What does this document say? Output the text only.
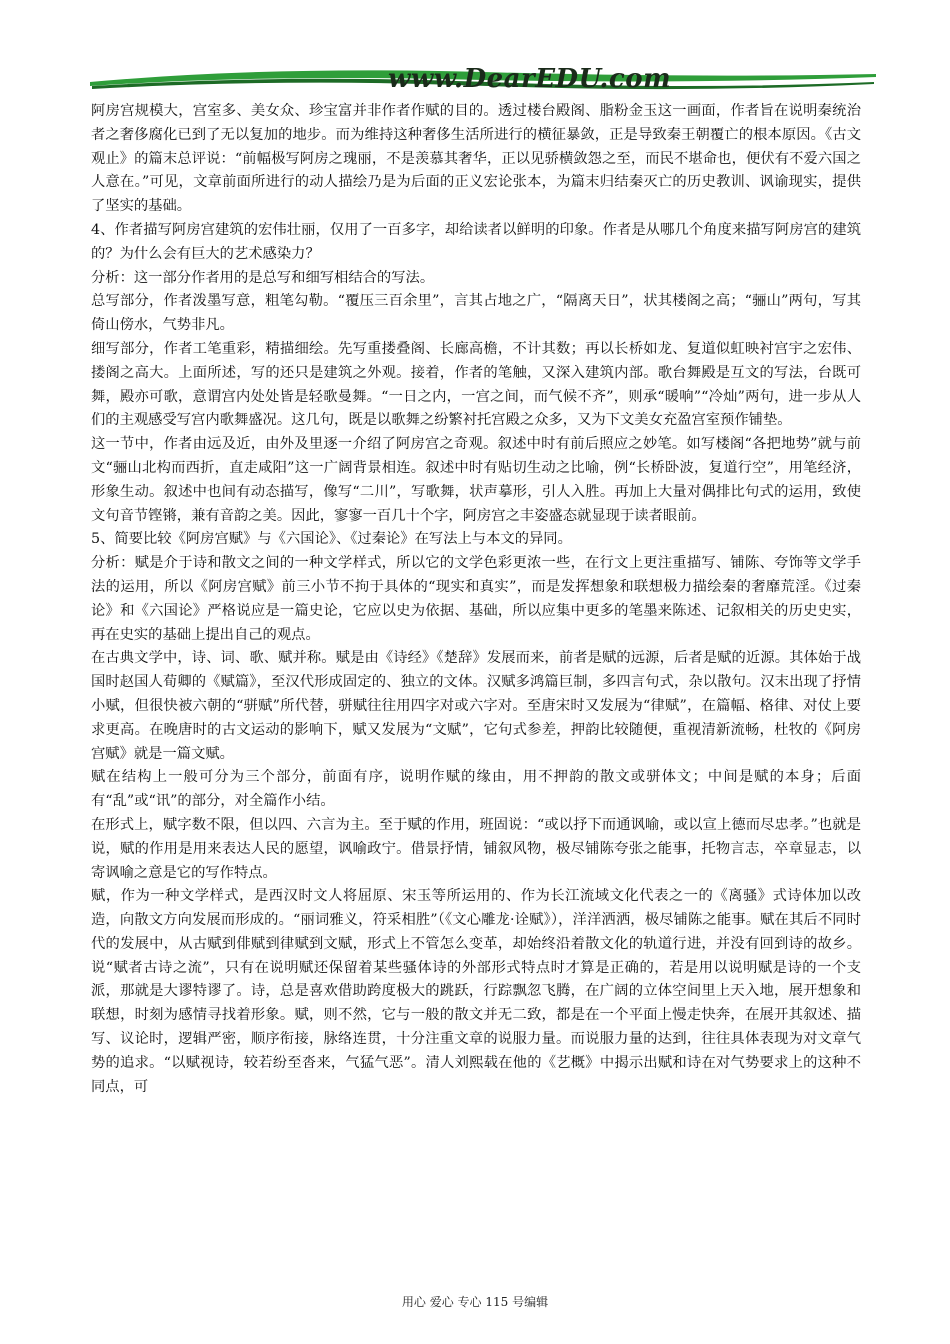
www.DearEDU.com

阿房宫规模大，宫室多、美女众、珍宝富并非作者作赋的目的。透过楼台殿阁、脂粉金玉这一画面，作者旨在说明秦统治者之奢侈腐化已到了无以复加的地步。而为维持这种奢侈生活所进行的横征暴敛，正是导致秦王朝覆亡的根本原因。《古文观止》的篇末总评说：“前幅极写阿房之瑰丽，不是羡慕其奢华，正以见骄横敛怨之至，而民不堪命也，便伏有不爱六国之人意在。”可见，文章前面所进行的动人描绘乃是为后面的正义宏论张本，为篇末归结秦灭亡的历史教训、讽谕现实，提供了坚实的基础。

4、作者描写阿房宫建筑的宏伟壮丽，仅用了一百多字，却给读者以鲜明的印象。作者是从哪几个角度来描写阿房宫的建筑的？为什么会有巨大的艺术感染力？

分析：这一部分作者用的是总写和细写相结合的写法。

总写部分，作者泼墨写意，粗笔勾勒。“覆压三百余里”，言其占地之广，“隔离天日”，状其楼阁之高；“骊山”两句，写其倚山傍水，气势非凡。

细写部分，作者工笔重彩，精描细绘。先写重搂叠阁、长廊高檐，不计其数；再以长桥如龙、复道似虹映衬宫宇之宏伟、搂阁之高大。上面所述，写的还只是建筑之外观。接着，作者的笔触，又深入建筑内部。歌台舞殿是互文的写法，台既可舞，殿亦可歌，意谓宫内处处皆是轻歌曼舞。“一日之内，一宫之间，而气候不齐”，则承“暖响”“冷灿”两句，进一步从人们的主观感受写宫内歌舞盛况。这几句，既是以歌舞之纷繁衬托宫殿之众多，又为下文美女充盈宫室预作铺垫。

这一节中，作者由远及近，由外及里逐一介绍了阿房宫之奇观。叙述中时有前后照应之妙笔。如写楼阁“各把地势”就与前文“骊山北构而西折，直走咸阳”这一广阔背景相连。叙述中时有贴切生动之比喻，例“长桥卧波，复道行空”，用笔经济，形象生动。叙述中也间有动态描写，像写“二川”，写歌舞，状声摹形，引人入胜。再加上大量对偶排比句式的运用，致使文句音节铿锵，兼有音韵之美。因此，寥寥一百几十个字，阿房宫之丰姿盛态就显现于读者眼前。

5、简要比较《阿房宫赋》与《六国论》、《过秦论》在写法上与本文的异同。

分析：赋是介于诗和散文之间的一种文学样式，所以它的文学色彩更浓一些，在行文上更注重描写、铺陈、夸饰等文学手法的运用，所以《阿房宫赋》前三小节不拘于具体的“现实和真实”，而是发挥想象和联想极力描绘秦的奢靡荒淫。《过秦论》和《六国论》严格说应是一篇史论，它应以史为依据、基础，所以应集中更多的笔墨来陈述、记叙相关的历史史实，再在史实的基础上提出自己的观点。

在古典文学中，诗、词、歌、赋并称。赋是由《诗经》《楚辞》发展而来，前者是赋的远源，后者是赋的近源。其体始于战国时赵国人荀卿的《赋篇》，至汉代形成固定的、独立的文体。汉赋多鸿篇巨制，多四言句式，杂以散句。汉末出现了抒情小赋，但很快被六朝的“骈赋”所代替，骈赋往往用四字对或六字对。至唐宋时又发展为“律赋”，在篇幅、格律、对仗上要求更高。在晚唐时的古文运动的影响下，赋又发展为“文赋”，它句式参差，押韵比较随便，重视清新流畅，杜牧的《阿房宫赋》就是一篇文赋。

赋在结构上一般可分为三个部分，前面有序，说明作赋的缘由，用不押韵的散文或骈体文；中间是赋的本身；后面有“乱”或“讯”的部分，对全篇作小结。

在形式上，赋字数不限，但以四、六言为主。至于赋的作用，班固说：“或以抒下而通讽喻，或以宣上德而尽忠孝。”也就是说，赋的作用是用来表达人民的愿望，讽喻政宁。借景抒情，铺叙风物，极尽铺陈夸张之能事，托物言志，卒章显志，以寄讽喻之意是它的写作特点。

赋，作为一种文学样式，是西汉时文人将屈原、宋玉等所运用的、作为长江流域文化代表之一的《离骚》式诗体加以改造，向散文方向发展而形成的。“丽词雅义，符采相胜”（《文心雕龙·诠赋》），洋洋洒洒，极尽铺陈之能事。赋在其后不同时代的发展中，从古赋到俳赋到律赋到文赋，形式上不管怎么变革，却始终沿着散文化的轨道行进，并没有回到诗的故乡。说“赋者古诗之流”，只有在说明赋还保留着某些骚体诗的外部形式特点时才算是正确的，若是用以说明赋是诗的一个支派，那就是大谬特谬了。诗，总是喜欢借助跨度极大的跳跃，行踪飘忽飞腾，在广阔的立体空间里上天入地，展开想象和联想，时刻为感情寻找着形象。赋，则不然，它与一般的散文并无二致，都是在一个平面上慢走快奔，在展开其叙述、描写、议论时，逻辑严密，顺序衔接，脉络连贯，十分注重文章的说服力量。而说服力量的达到，往往具体表现为对文章气势的追求。“以赋视诗，较若纷至沓来，气猛气恶”。清人刘熙载在他的《艺概》中揭示出赋和诗在对气势要求上的这种不同点，可

用心 爱心 专心 115 号编辑
